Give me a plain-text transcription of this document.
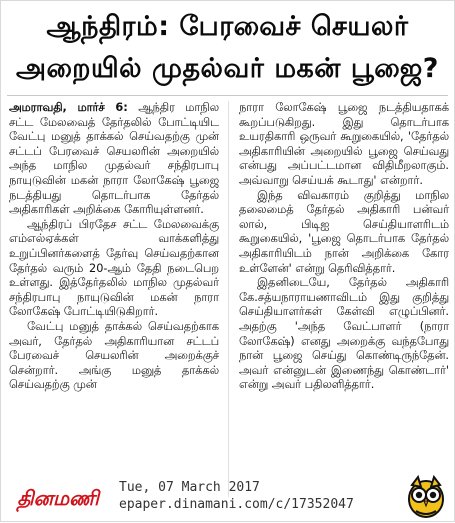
ஆந்திரம்: பேரவைச் செயலர்
அறையில் முதல்வர் மகன் பூஜை?

அமராவதி, மார்ச் 6: ஆந்திர மாநில சட்ட மேலவைத் தேர்தலில் போட்டியிட வேட்பு மனுத் தாக்கல் செய்வதற்கு முன் சட்டப் பேரவைச் செயலரின் அறையில் அந்த மாநில முதல்வர் சந்திரபாபு நாயுடுவின் மகன் நாரா லோகேஷ் பூஜை நடத்தியது தொடர்பாக தேர்தல் அதிகாரிகள் அறிக்கை கோரியுள்ளனர்.

ஆந்திரப் பிரதேச சட்ட மேலவைக்கு எம்எல்ஏக்கள் வாக்களித்து உறுப்பினர்களைத் தேர்வு செய்வதற்கான தேர்தல் வரும் 20-ஆம் தேதி நடைபெற உள்ளது. இத்தேர்தலில் மாநில முதல்வர் சந்திரபாபு நாயுடுவின் மகன் நாரா லோகேஷ் போட்டியிடுகிறார்.

வேட்பு மனுத் தாக்கல் செய்வதற்காக அவர், தேர்தல் அதிகாரியான சட்டப் பேரவைச் செயலரின் அறைக்குச் சென்றார். அங்கு மனுத் தாக்கல் செய்வதற்கு முன்

நாரா லோகேஷ் பூஜை நடத்தியதாகக் கூறப்படுகிறது. இது தொடர்பாக உயரதிகாரி ஒருவர் கூறுகையில், 'தேர்தல் அதிகாரியின் அறையில் பூஜை செய்வது என்பது அப்பட்டமான விதிமீறலாகும். அவ்வாறு செய்யக் கூடாது' என்றார்.

இந்த விவகாரம் குறித்து மாநில தலைமைத் தேர்தல் அதிகாரி பன்வர் லால், பிடிஐ செய்தியாளரிடம் கூறுகையில், 'பூஜை தொடர்பாக தேர்தல் அதிகாரியிடம் நான் அறிக்கை கோர உள்ளேன்' என்று தெரிவித்தார்.

இதனிடையே, தேர்தல் அதிகாரி கே.சத்யநாராயணாவிடம் இது குறித்து செய்தியாளர்கள் கேள்வி எழுப்பினர். அதற்கு 'அந்த வேட்பாளர் (நாரா லோகேஷ்) எனது அறைக்கு வந்தபோது நான் பூஜை செய்து கொண்டிருந்தேன். அவர் என்னுடன் இணைந்து கொண்டார்' என்று அவர் பதிலளித்தார்.

தினமணி Tue, 07 March 2017
epaper.dinamani.com/c/17352047
